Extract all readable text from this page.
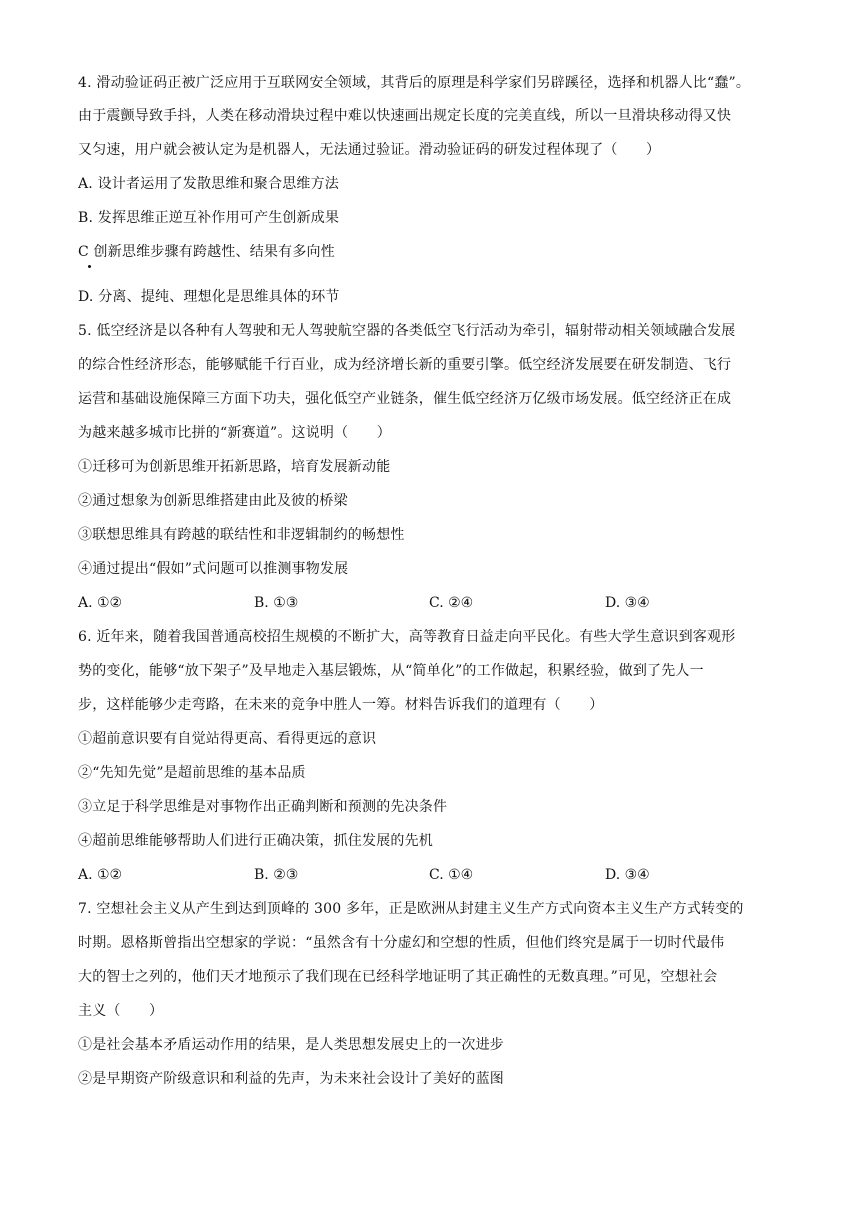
4. 滑动验证码正被广泛应用于互联网安全领域，其背后的原理是科学家们另辟蹊径，选择和机器人比“蠢”。
由于震颤导致手抖，人类在移动滑块过程中难以快速画出规定长度的完美直线，所以一旦滑块移动得又快
又匀速，用户就会被认定为是机器人，无法通过验证。滑动验证码的研发过程体现了（　　）
A. 设计者运用了发散思维和聚合思维方法
B. 发挥思维正逆互补作用可产生创新成果
C 创新思维步骤有跨越性、结果有多向性
D. 分离、提纯、理想化是思维具体的环节
5. 低空经济是以各种有人驾驶和无人驾驶航空器的各类低空飞行活动为牵引，辐射带动相关领域融合发展
的综合性经济形态，能够赋能千行百业，成为经济增长新的重要引擎。低空经济发展要在研发制造、飞行
运营和基础设施保障三方面下功夫，强化低空产业链条，催生低空经济万亿级市场发展。低空经济正在成
为越来越多城市比拼的“新赛道”。这说明（　　）
①迁移可为创新思维开拓新思路，培育发展新动能
②通过想象为创新思维搭建由此及彼的桥梁
③联想思维具有跨越的联结性和非逻辑制约的畅想性
④通过提出“假如”式问题可以推测事物发展
A. ①②	B. ①③	C. ②④	D. ③④
6. 近年来，随着我国普通高校招生规模的不断扩大，高等教育日益走向平民化。有些大学生意识到客观形
势的变化，能够“放下架子”及早地走入基层锻炼，从“简单化”的工作做起，积累经验，做到了先人一
步，这样能够少走弯路，在未来的竞争中胜人一筹。材料告诉我们的道理有（　　）
①超前意识要有自觉站得更高、看得更远的意识
②“先知先觉”是超前思维的基本品质
③立足于科学思维是对事物作出正确判断和预测的先决条件
④超前思维能够帮助人们进行正确决策，抓住发展的先机
A. ①②	B. ②③	C. ①④	D. ③④
7. 空想社会主义从产生到达到顶峰的 300 多年，正是欧洲从封建主义生产方式向资本主义生产方式转变的
时期。恩格斯曾指出空想家的学说：“虽然含有十分虚幻和空想的性质，但他们终究是属于一切时代最伟
大的智士之列的，他们天才地预示了我们现在已经科学地证明了其正确性的无数真理。”可见，空想社会
主义（　　）
①是社会基本矛盾运动作用的结果，是人类思想发展史上的一次进步
②是早期资产阶级意识和利益的先声，为未来社会设计了美好的蓝图
